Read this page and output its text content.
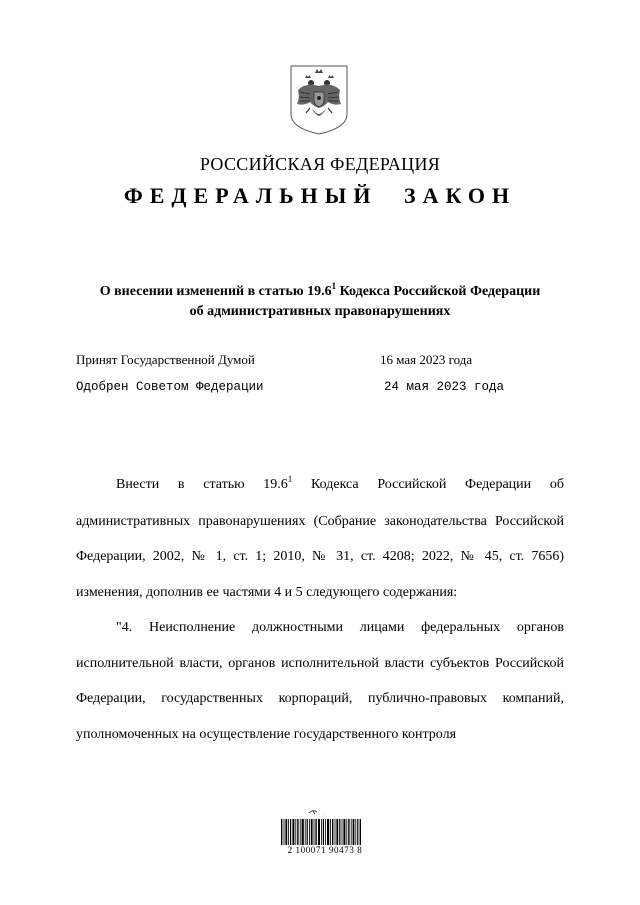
РОССИЙСКАЯ ФЕДЕРАЦИЯ
ФЕДЕРАЛЬНЫЙ ЗАКОН
О внесении изменений в статью 19.6$^1$ Кодекса Российской Федерации
об административных правонарушениях
Принят Государственной Думой	16 мая 2023 года
Одобрен Советом Федерации	24 мая 2023 года

Внести в статью 19.6$^1$ Кодекса Российской Федерации об административных правонарушениях (Собрание законодательства Российской Федерации, 2002, № 1, ст. 1; 2010, № 31, ст. 4208; 2022, № 45, ст. 7656) изменения, дополнив ее частями 4 и 5 следующего содержания:

"4. Неисполнение должностными лицами федеральных органов исполнительной власти, органов исполнительной власти субъектов Российской Федерации, государственных корпораций, публично-правовых компаний, уполномоченных на осуществление государственного контроля

·
2 100071 90473 8
